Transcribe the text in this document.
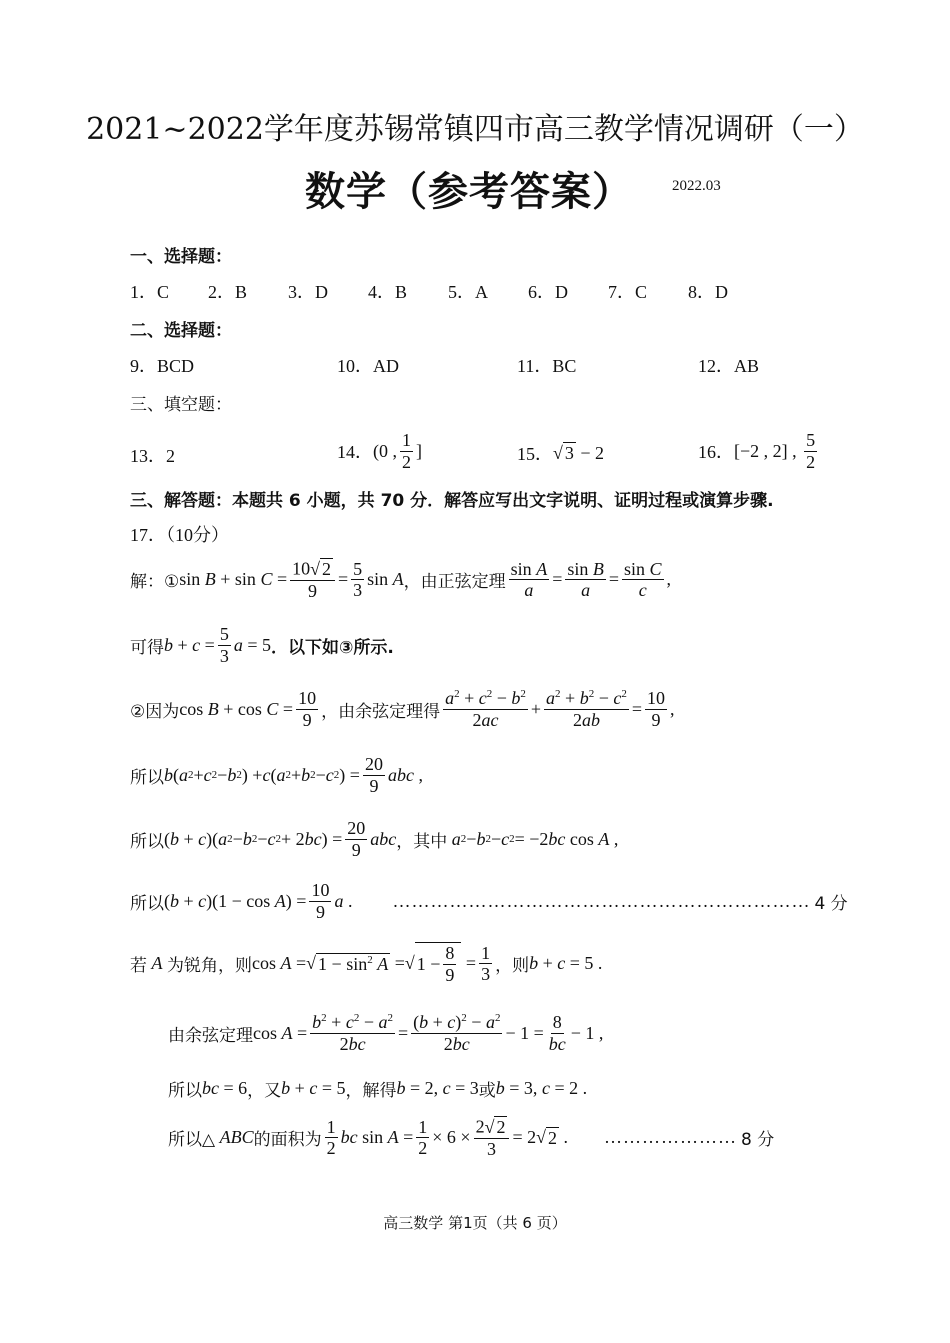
2021~2022学年度苏锡常镇四市高三教学情况调研（一）
数学（参考答案）	2022.03
一、选择题：
1．C 2．B 3．D 4．B 5．A 6．D 7．C 8．D
二、选择题：
9．BCD	10．AD	11．BC	12．AB
三、填空题：
13．2	14． (0 , $\frac{1}{2}$ ]	15． √ 3 − 2	16． [−2 , 2] , $\frac{5}{2}$
三、解答题：本题共 6 小题，共 70 分．解答应写出文字说明、证明过程或演算步骤.
17．（10分）
解：① $\sin B + \sin C = \frac{10√ 2}{9} = \frac{5}{3}$ sin A ，由正弦定理 $\frac{\text{sin A}}{a} = \frac{\text{sin B}}{a} = \frac{\text{sin C}}{c}$ ,
可得 $b + c = \frac{5}{3}$ a = 5 ．以下如③所示.
②因为 $\cos B + \cos C = \frac{10}{9}$ ，由余弦定理得 $\frac{a^2 + c^2 - b^2}{2ac} + \frac{a^2 + b^2 - c^2}{2ab} = \frac{10}{9}$ ,
所以 b ( a 2 + c 2 − b 2 ) + c ( a 2 + b 2 − c 2 ) = $\frac{20}{9}$ abc ,
所以 ( b + c )( a 2 − b 2 − c 2 + 2 bc ) = $\frac{20}{9}$ abc ，其中
a 2 − b 2 − c 2 = −2 bc cos A ,
所以 ( b + c )(1 − cos A ) = $\frac{10}{9}$ a . ………………………………………………………… 4 分
若
A
为锐角，则 cos A = √ $1 - \sin^2 A$ = √ $1 - \frac{8}{9} = \frac{1}{3}$ ，则 b + c = 5 .
由余弦定理 $\cos A = \frac{b^2 + c^2 - a^2}{2bc} = \frac{(b + c)^2 - a^2}{2bc} - 1 = \frac{8}{bc} - 1$ ,
所以 bc = 6 ，又 b + c = 5 ，解得 b = 2, c = 3 或 b = 3, c = 2 .
所以△
ABC 的面积为 $\frac{1}{2}$ bc $\sin A = \frac{1}{2} \times 6 \times \frac{2√ 2}{3} = 2$ √ 2 . ………………… 8 分
高三数学 第1页（共 6 页）
